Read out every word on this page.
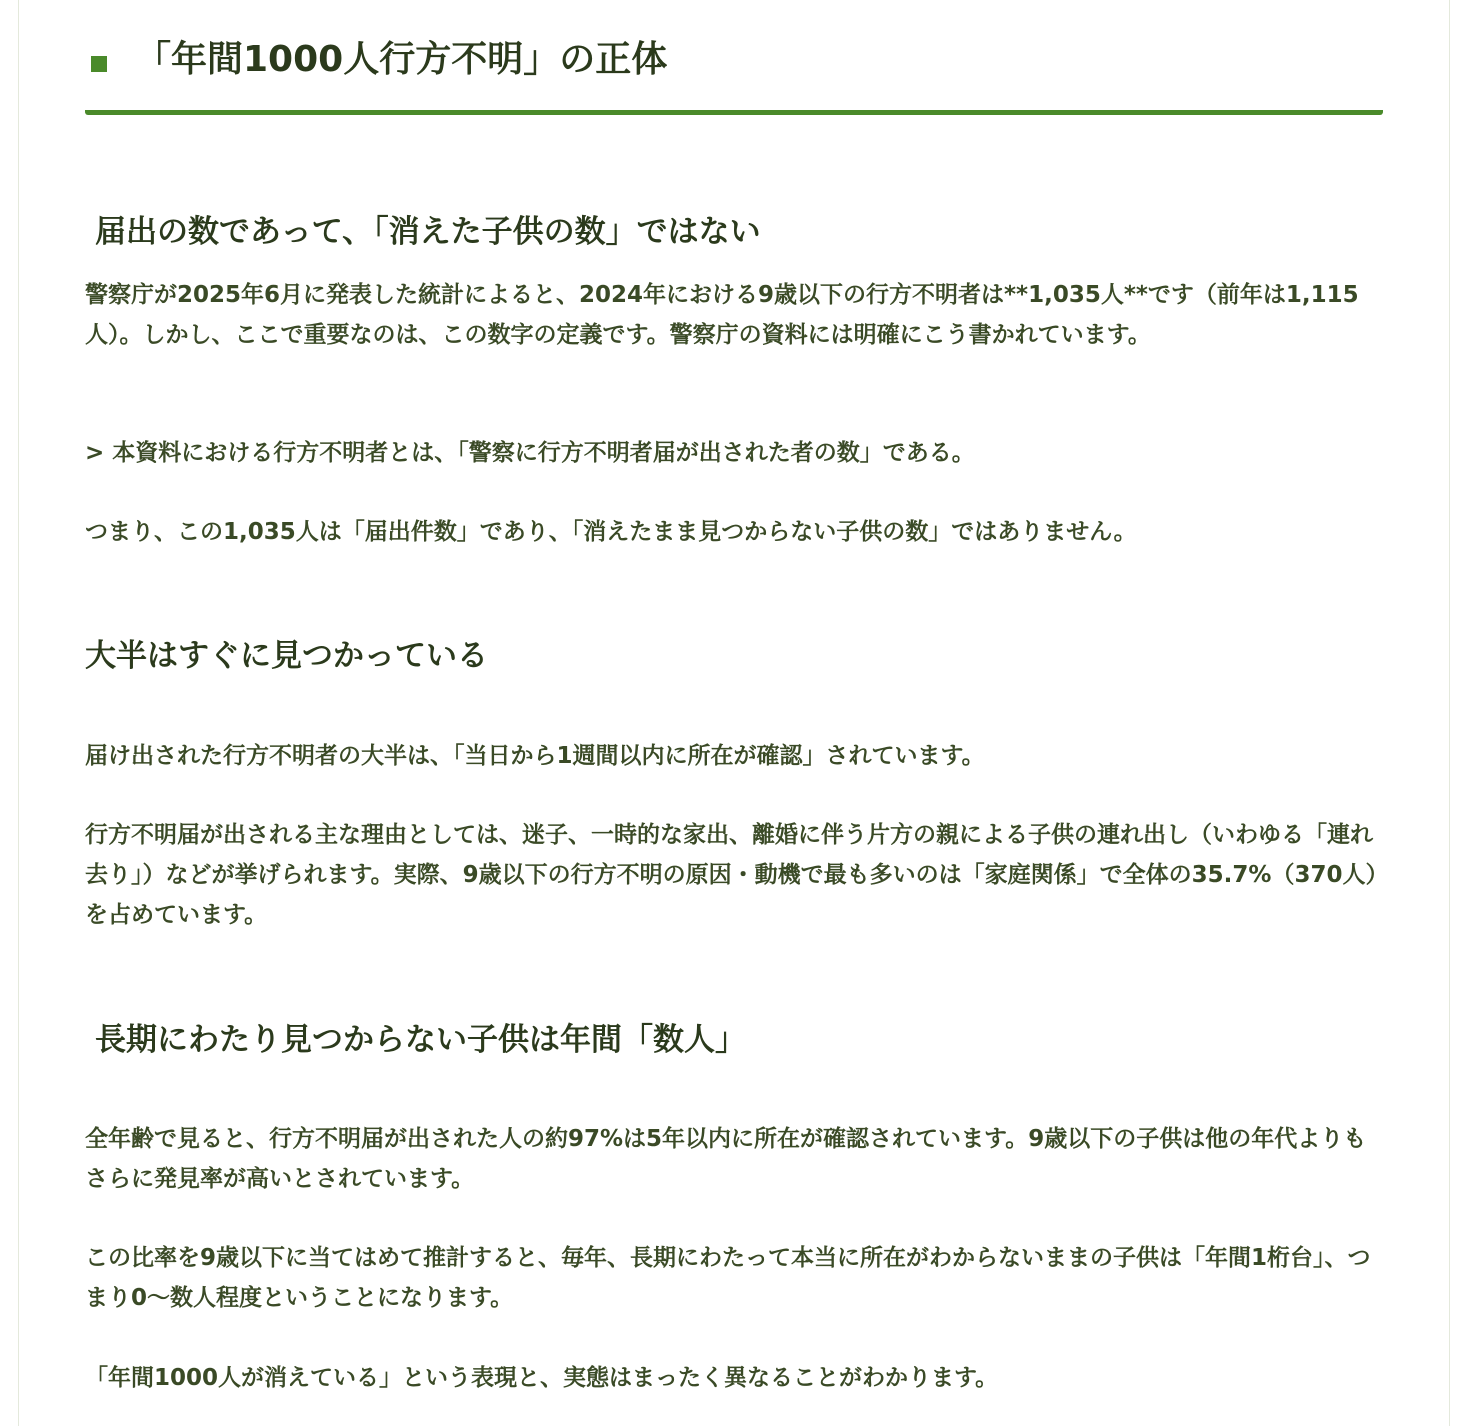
「年間1000人行方不明」の正体
届出の数であって、「消えた子供の数」ではない
警察庁が2025年6月に発表した統計によると、2024年における9歳以下の行方不明者は**1,035人**です（前年は1,115人）。しかし、ここで重要なのは、この数字の定義です。警察庁の資料には明確にこう書かれています。
> 本資料における行方不明者とは、「警察に行方不明者届が出された者の数」である。
つまり、この1,035人は「届出件数」であり、「消えたまま見つからない子供の数」ではありません。
大半はすぐに見つかっている
届け出された行方不明者の大半は、「当日から1週間以内に所在が確認」されています。
行方不明届が出される主な理由としては、迷子、一時的な家出、離婚に伴う片方の親による子供の連れ出し（いわゆる「連れ去り」）などが挙げられます。実際、9歳以下の行方不明の原因・動機で最も多いのは「家庭関係」で全体の35.7%（370人）を占めています。
長期にわたり見つからない子供は年間「数人」
全年齢で見ると、行方不明届が出された人の約97%は5年以内に所在が確認されています。9歳以下の子供は他の年代よりもさらに発見率が高いとされています。
この比率を9歳以下に当てはめて推計すると、毎年、長期にわたって本当に所在がわからないままの子供は「年間1桁台」、つまり0〜数人程度ということになります。
「年間1000人が消えている」という表現と、実態はまったく異なることがわかります。
